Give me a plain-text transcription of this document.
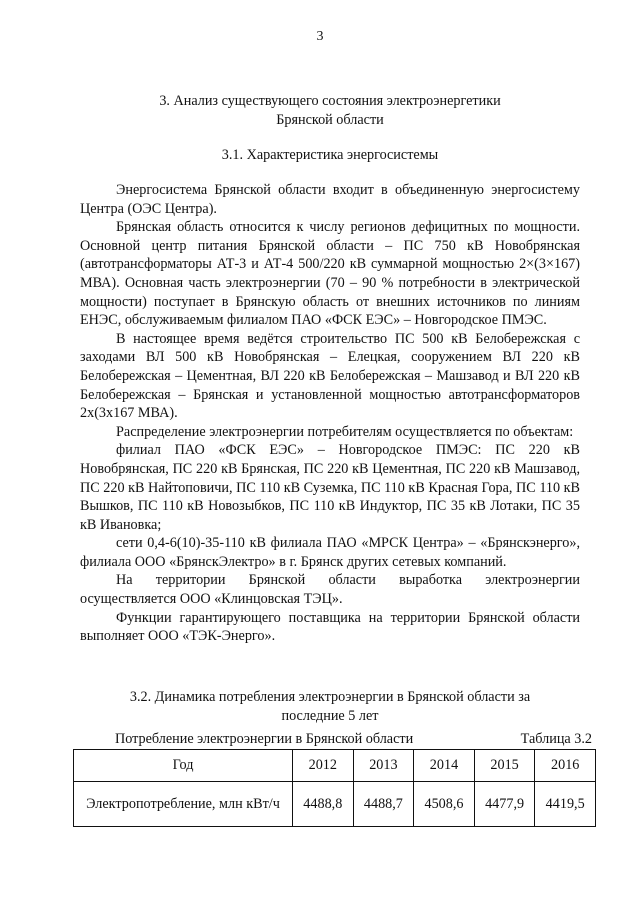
3
3. Анализ существующего состояния электроэнергетики
Брянской области
3.1. Характеристика энергосистемы

Энергосистема Брянской области входит в объединенную энергосистему Центра (ОЭС Центра).

Брянская область относится к числу регионов дефицитных по мощности. Основной центр питания Брянской области – ПС 750 кВ Новобрянская (автотрансформаторы АТ-3 и АТ-4 500/220 кВ суммарной мощностью 2×(3×167) МВА). Основная часть электроэнергии (70 – 90 % потребности в электрической мощности) поступает в Брянскую область от внешних источников по линиям ЕНЭС, обслуживаемым филиалом ПАО «ФСК ЕЭС» – Новгородское ПМЭС.

В настоящее время ведётся строительство ПС 500 кВ Белобережская с заходами ВЛ 500 кВ Новобрянская – Елецкая, сооружением ВЛ 220 кВ Белобережская – Цементная, ВЛ 220 кВ Белобережская – Машзавод и ВЛ 220 кВ Белобережская – Брянская и установленной мощностью автотрансформаторов 2х(3х167 МВА).

Распределение электроэнергии потребителям осуществляется по объектам:

филиал ПАО «ФСК ЕЭС» – Новгородское ПМЭС: ПС 220 кВ Новобрянская, ПС 220 кВ Брянская, ПС 220 кВ Цементная, ПС 220 кВ Машзавод, ПС 220 кВ Найтоповичи, ПС 110 кВ Суземка, ПС 110 кВ Красная Гора, ПС 110 кВ Вышков, ПС 110 кВ Новозыбков, ПС 110 кВ Индуктор, ПС 35 кВ Лотаки, ПС 35 кВ Ивановка;

сети 0,4-6(10)-35-110 кВ филиала ПАО «МРСК Центра» – «Брянскэнерго», филиала ООО «БрянскЭлектро» в г. Брянск других сетевых компаний.

На территории Брянской области выработка электроэнергии осуществляется ООО «Клинцовская ТЭЦ».

Функции гарантирующего поставщика на территории Брянской области выполняет ООО «ТЭК-Энерго».

3.2. Динамика потребления электроэнергии в Брянской области за
последние 5 лет
Потребление электроэнергии в Брянской области	Таблица 3.2
Год	2012	2013	2014	2015	2016
Электропотребление, млн кВт/ч	4488,8	4488,7	4508,6	4477,9	4419,5
